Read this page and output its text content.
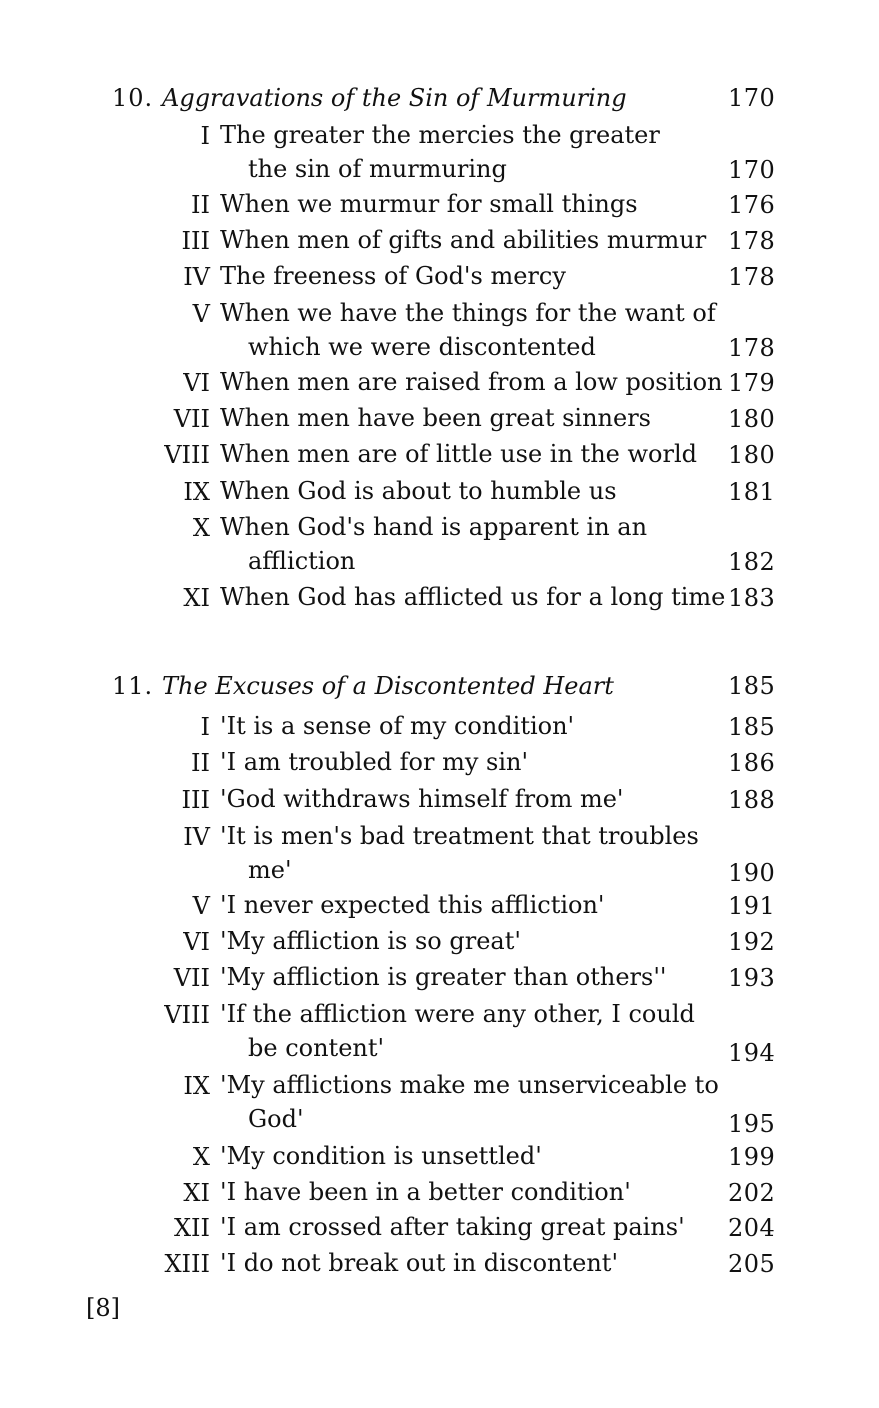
10. Aggravations of the Sin of Murmuring	170
I The greater the mercies the greater
the sin of murmuring	170
II When we murmur for small things	176
III When men of gifts and abilities murmur 178
IV The freeness of God's mercy	178
V When we have the things for the want of
which we were discontented	178
VI When men are raised from a low position 179
VII When men have been great sinners	180
VIII When men are of little use in the world	180
IX When God is about to humble us	181
X When God's hand is apparent in an
affliction	182
XI When God has afflicted us for a long time 183
11. The Excuses of a Discontented Heart	185
I 'It is a sense of my condition'	185
II 'I am troubled for my sin'	186
III 'God withdraws himself from me'	188
IV 'It is men's bad treatment that troubles
me'	190
V 'I never expected this affliction'	191
VI 'My affliction is so great'	192
VII 'My affliction is greater than others''	193
VIII 'If the affliction were any other, I could
be content'	194
IX 'My afflictions make me unserviceable to
God'	195
X 'My condition is unsettled'	199
XI 'I have been in a better condition'	202
XII 'I am crossed after taking great pains'	204
XIII 'I do not break out in discontent'	205
[8]
